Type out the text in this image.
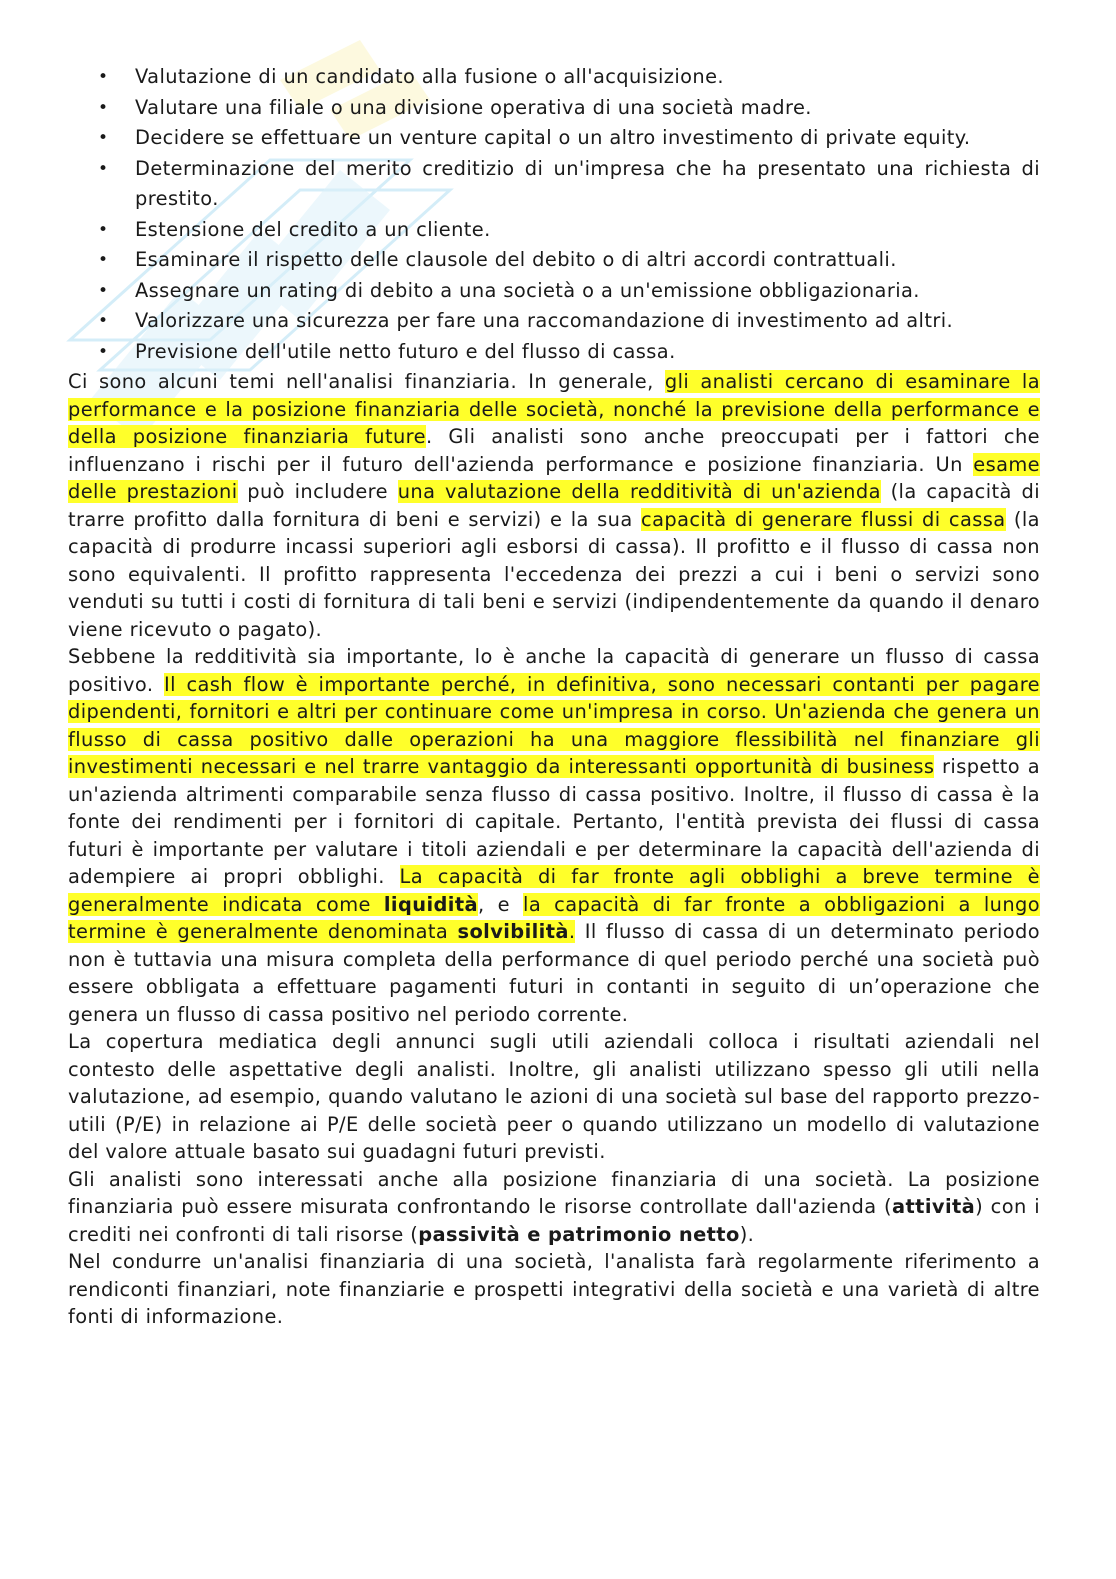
• Valutazione di un candidato alla fusione o all'acquisizione.
• Valutare una filiale o una divisione operativa di una società madre.
• Decidere se effettuare un venture capital o un altro investimento di private equity.
• Determinazione del merito creditizio di un'impresa che ha presentato una richiesta di prestito.
• Estensione del credito a un cliente.
• Esaminare il rispetto delle clausole del debito o di altri accordi contrattuali.
• Assegnare un rating di debito a una società o a un'emissione obbligazionaria.
• Valorizzare una sicurezza per fare una raccomandazione di investimento ad altri.
• Previsione dell'utile netto futuro e del flusso di cassa.

Ci sono alcuni temi nell'analisi finanziaria. In generale, gli analisti cercano di esaminare la performance e la posizione finanziaria delle società, nonché la previsione della performance e della posizione finanziaria future. Gli analisti sono anche preoccupati per i fattori che influenzano i rischi per il futuro dell'azienda performance e posizione finanziaria. Un esame delle prestazioni può includere una valutazione della redditività di un'azienda (la capacità di trarre profitto dalla fornitura di beni e servizi) e la sua capacità di generare flussi di cassa (la capacità di produrre incassi superiori agli esborsi di cassa). Il profitto e il flusso di cassa non sono equivalenti. Il profitto rappresenta l'eccedenza dei prezzi a cui i beni o servizi sono venduti su tutti i costi di fornitura di tali beni e servizi (indipendentemente da quando il denaro viene ricevuto o pagato).

Sebbene la redditività sia importante, lo è anche la capacità di generare un flusso di cassa positivo. Il cash flow è importante perché, in definitiva, sono necessari contanti per pagare dipendenti, fornitori e altri per continuare come un'impresa in corso. Un'azienda che genera un flusso di cassa positivo dalle operazioni ha una maggiore flessibilità nel finanziare gli investimenti necessari e nel trarre vantaggio da interessanti opportunità di business rispetto a un'azienda altrimenti comparabile senza flusso di cassa positivo. Inoltre, il flusso di cassa è la fonte dei rendimenti per i fornitori di capitale. Pertanto, l'entità prevista dei flussi di cassa futuri è importante per valutare i titoli aziendali e per determinare la capacità dell'azienda di adempiere ai propri obblighi. La capacità di far fronte agli obblighi a breve termine è generalmente indicata come liquidità, e la capacità di far fronte a obbligazioni a lungo termine è generalmente denominata solvibilità. Il flusso di cassa di un determinato periodo non è tuttavia una misura completa della performance di quel periodo perché una società può essere obbligata a effettuare pagamenti futuri in contanti in seguito di un’operazione che genera un flusso di cassa positivo nel periodo corrente.

La copertura mediatica degli annunci sugli utili aziendali colloca i risultati aziendali nel contesto delle aspettative degli analisti. Inoltre, gli analisti utilizzano spesso gli utili nella valutazione, ad esempio, quando valutano le azioni di una società sul base del rapporto prezzo-utili (P/E) in relazione ai P/E delle società peer o quando utilizzano un modello di valutazione del valore attuale basato sui guadagni futuri previsti.

Gli analisti sono interessati anche alla posizione finanziaria di una società. La posizione finanziaria può essere misurata confrontando le risorse controllate dall'azienda (attività) con i crediti nei confronti di tali risorse (passività e patrimonio netto).

Nel condurre un'analisi finanziaria di una società, l'analista farà regolarmente riferimento a rendiconti finanziari, note finanziarie e prospetti integrativi della società e una varietà di altre fonti di informazione.
